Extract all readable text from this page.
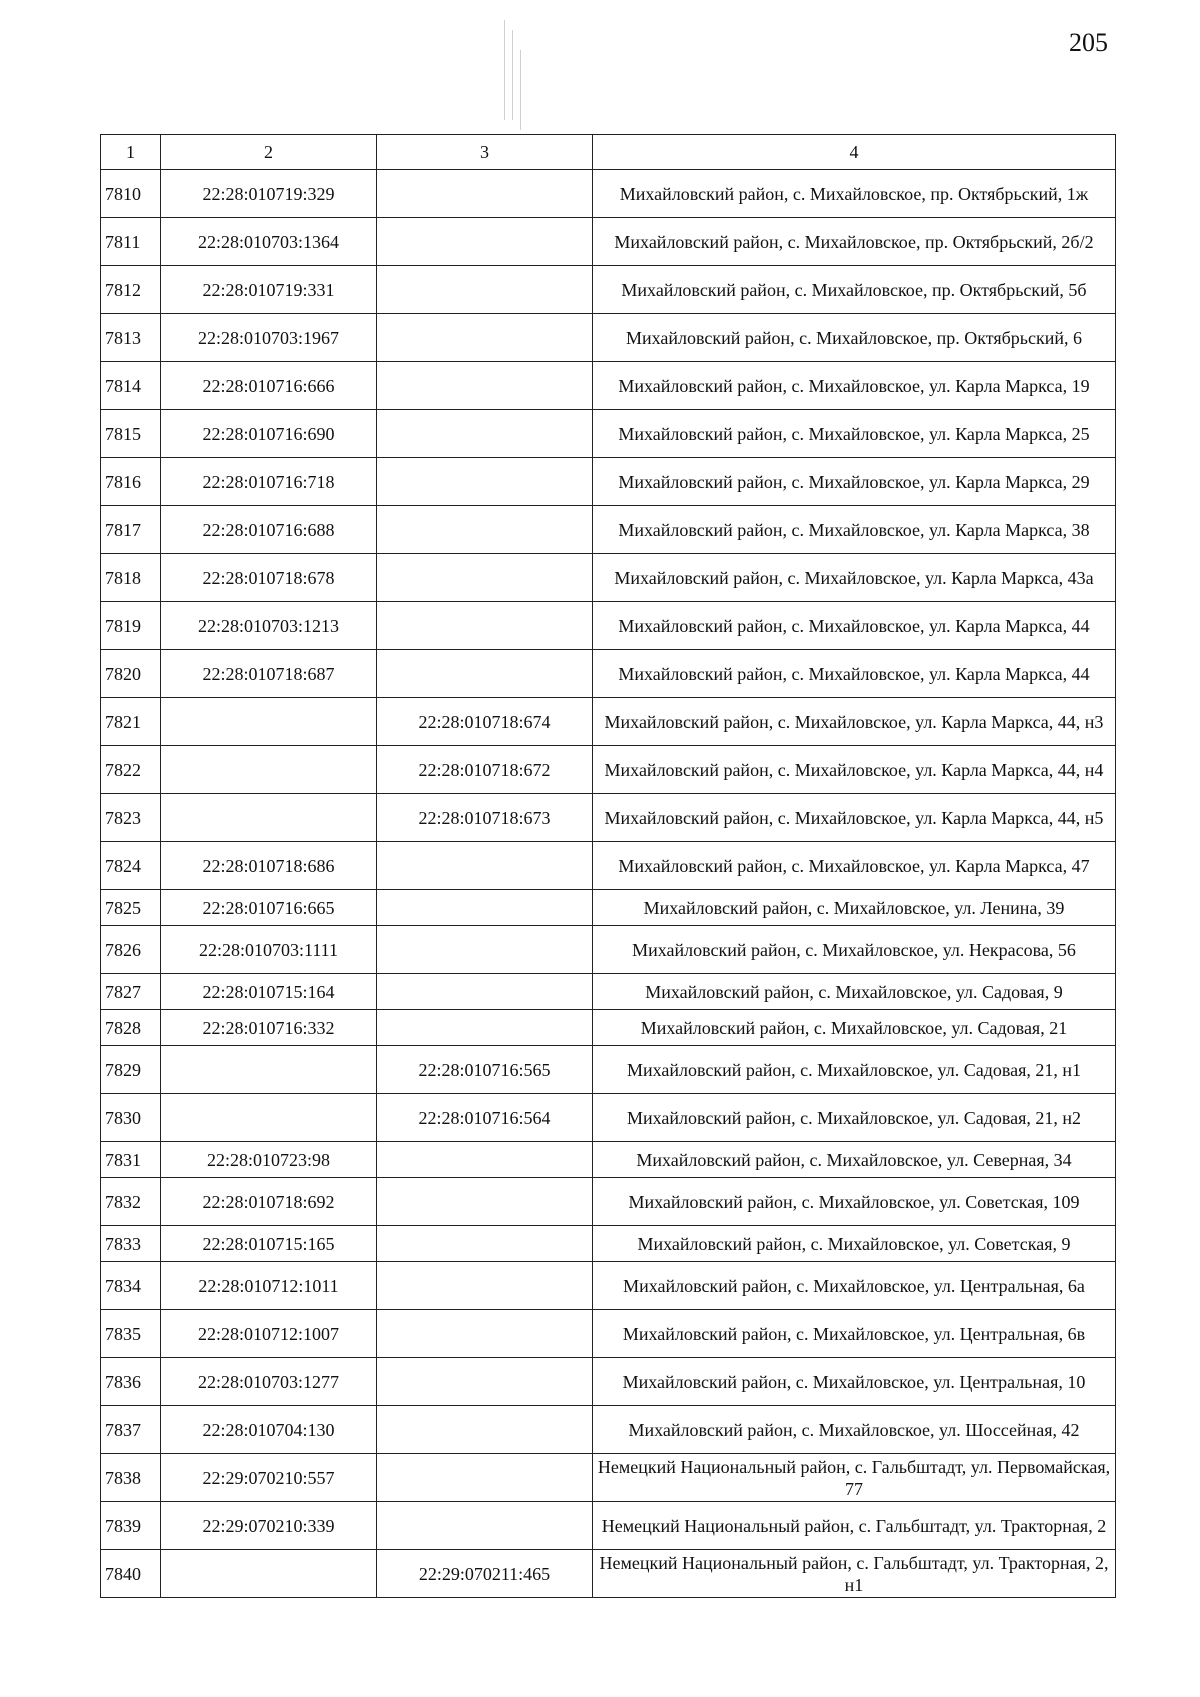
205
1	2	3	4
7810	22:28:010719:329		Михайловский район, с. Михайловское, пр. Октябрьский, 1ж
7811	22:28:010703:1364		Михайловский район, с. Михайловское, пр. Октябрьский, 2б/2
7812	22:28:010719:331		Михайловский район, с. Михайловское, пр. Октябрьский, 5б
7813	22:28:010703:1967		Михайловский район, с. Михайловское, пр. Октябрьский, 6
7814	22:28:010716:666		Михайловский район, с. Михайловское, ул. Карла Маркса, 19
7815	22:28:010716:690		Михайловский район, с. Михайловское, ул. Карла Маркса, 25
7816	22:28:010716:718		Михайловский район, с. Михайловское, ул. Карла Маркса, 29
7817	22:28:010716:688		Михайловский район, с. Михайловское, ул. Карла Маркса, 38
7818	22:28:010718:678		Михайловский район, с. Михайловское, ул. Карла Маркса, 43а
7819	22:28:010703:1213		Михайловский район, с. Михайловское, ул. Карла Маркса, 44
7820	22:28:010718:687		Михайловский район, с. Михайловское, ул. Карла Маркса, 44
7821		22:28:010718:674	Михайловский район, с. Михайловское, ул. Карла Маркса, 44, н3
7822		22:28:010718:672	Михайловский район, с. Михайловское, ул. Карла Маркса, 44, н4
7823		22:28:010718:673	Михайловский район, с. Михайловское, ул. Карла Маркса, 44, н5
7824	22:28:010718:686		Михайловский район, с. Михайловское, ул. Карла Маркса, 47
7825	22:28:010716:665		Михайловский район, с. Михайловское, ул. Ленина, 39
7826	22:28:010703:1111		Михайловский район, с. Михайловское, ул. Некрасова, 56
7827	22:28:010715:164		Михайловский район, с. Михайловское, ул. Садовая, 9
7828	22:28:010716:332		Михайловский район, с. Михайловское, ул. Садовая, 21
7829		22:28:010716:565	Михайловский район, с. Михайловское, ул. Садовая, 21, н1
7830		22:28:010716:564	Михайловский район, с. Михайловское, ул. Садовая, 21, н2
7831	22:28:010723:98		Михайловский район, с. Михайловское, ул. Северная, 34
7832	22:28:010718:692		Михайловский район, с. Михайловское, ул. Советская, 109
7833	22:28:010715:165		Михайловский район, с. Михайловское, ул. Советская, 9
7834	22:28:010712:1011		Михайловский район, с. Михайловское, ул. Центральная, 6а
7835	22:28:010712:1007		Михайловский район, с. Михайловское, ул. Центральная, 6в
7836	22:28:010703:1277		Михайловский район, с. Михайловское, ул. Центральная, 10
7837	22:28:010704:130		Михайловский район, с. Михайловское, ул. Шоссейная, 42
7838	22:29:070210:557		Немецкий Национальный район, с. Гальбштадт, ул. Первомайская, 77
7839	22:29:070210:339		Немецкий Национальный район, с. Гальбштадт, ул. Тракторная, 2
7840		22:29:070211:465	Немецкий Национальный район, с. Гальбштадт, ул. Тракторная, 2, н1
